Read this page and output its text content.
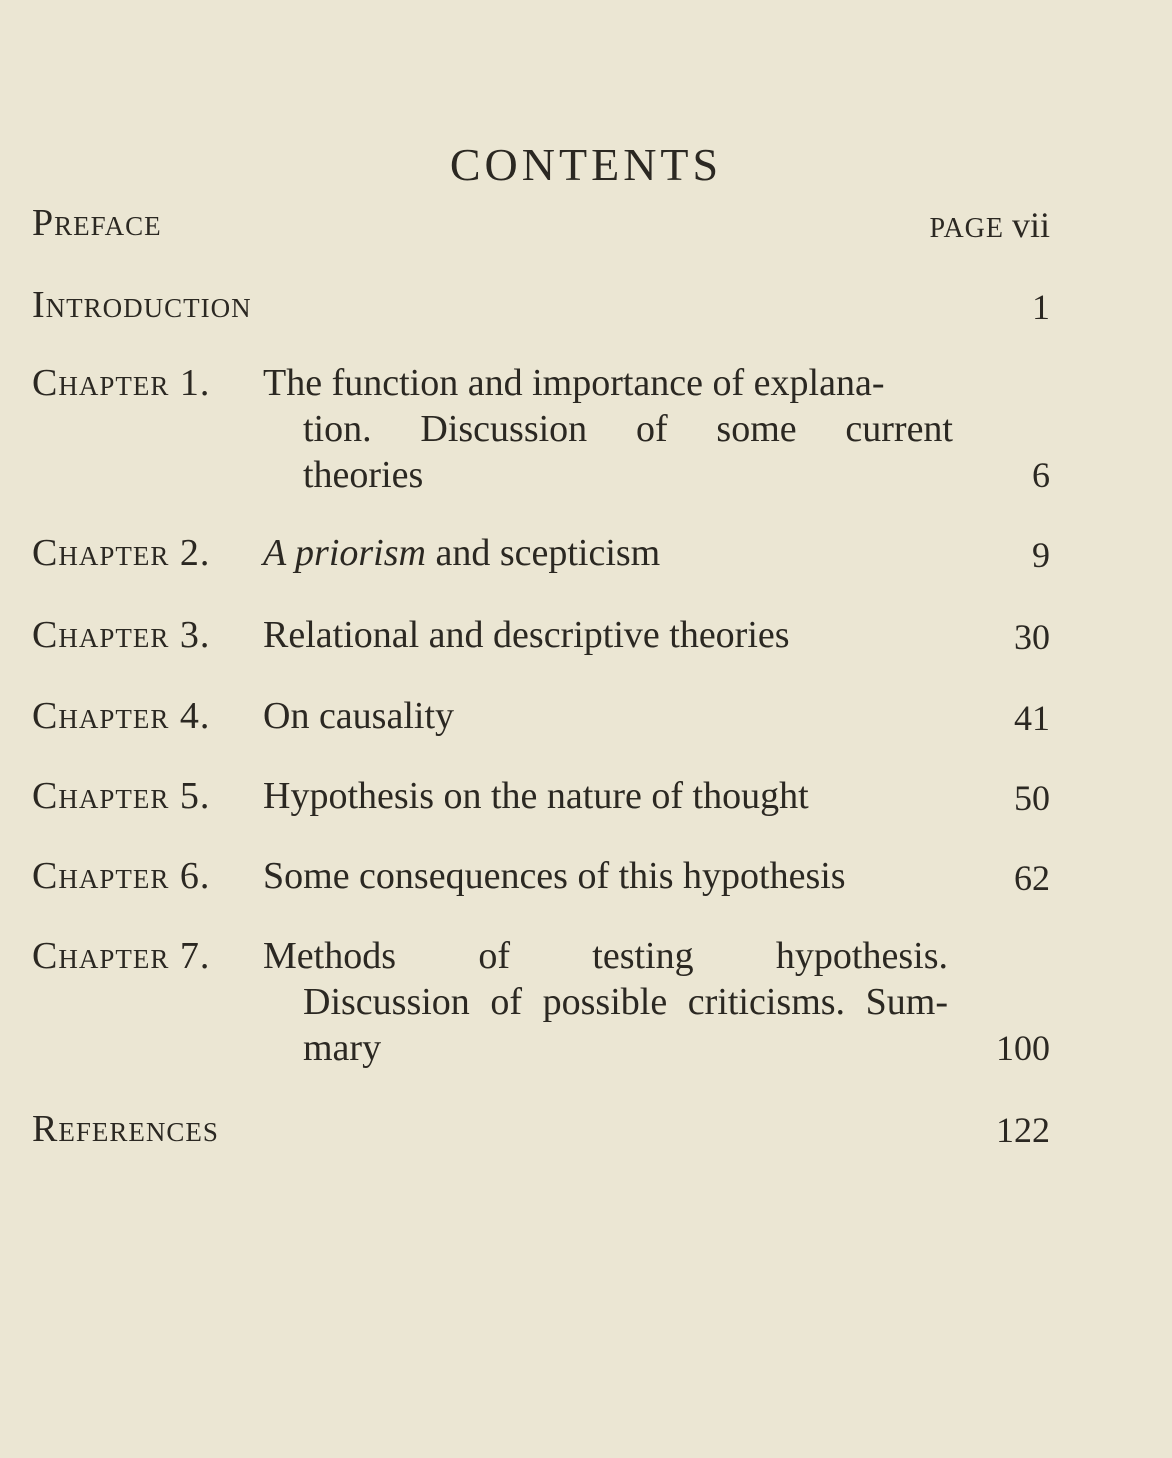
CONTENTS
Preface	PAGE vii
Introduction	1
Chapter 1. The function and importance of explana-
tion. Discussion of some current
theories	6
Chapter 2. A priorism and scepticism	9
Chapter 3. Relational and descriptive theories	30
Chapter 4. On causality	41
Chapter 5. Hypothesis on the nature of thought	50
Chapter 6. Some consequences of this hypothesis	62
Chapter 7. Methods of testing hypothesis.
Discussion of possible criticisms. Sum-
mary	100
References	122
